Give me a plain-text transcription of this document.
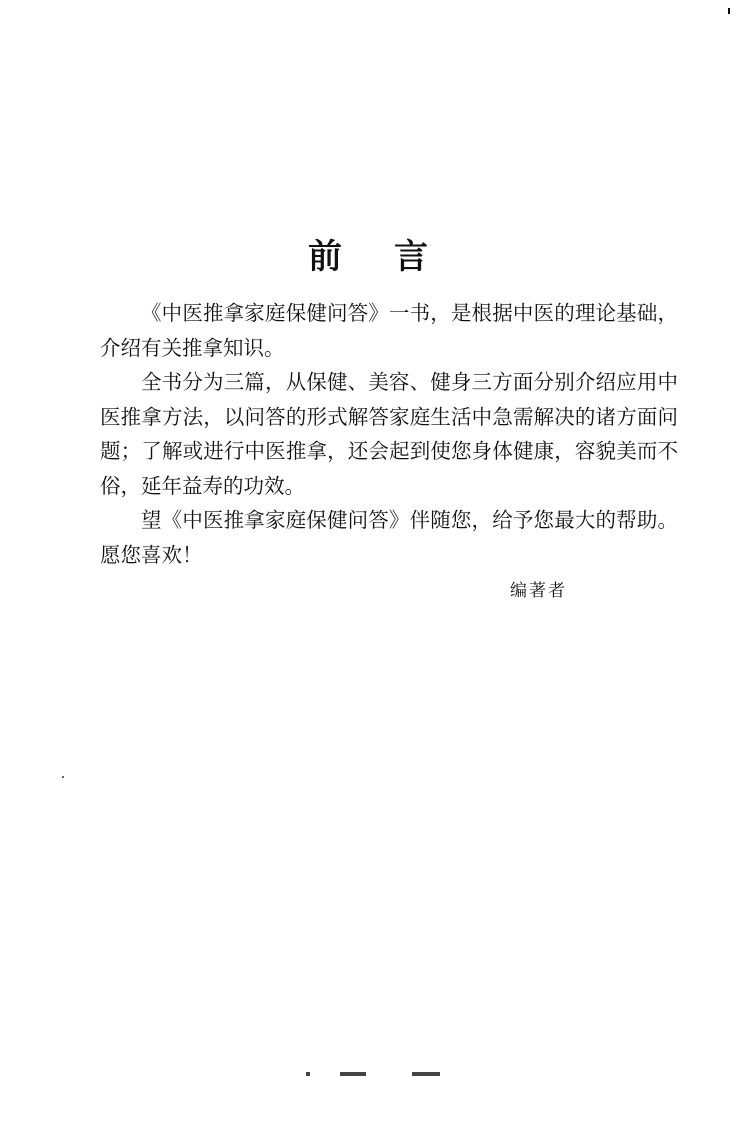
前 言

《中医推拿家庭保健问答》一书，是根据中医的理论基础，介绍有关推拿知识。

全书分为三篇，从保健、美容、健身三方面分别介绍应用中医推拿方法，以问答的形式解答家庭生活中急需解决的诸方面问题；了解或进行中医推拿，还会起到使您身体健康，容貌美而不俗，延年益寿的功效。

望《中医推拿家庭保健问答》伴随您，给予您最大的帮助。愿您喜欢！

编著者
